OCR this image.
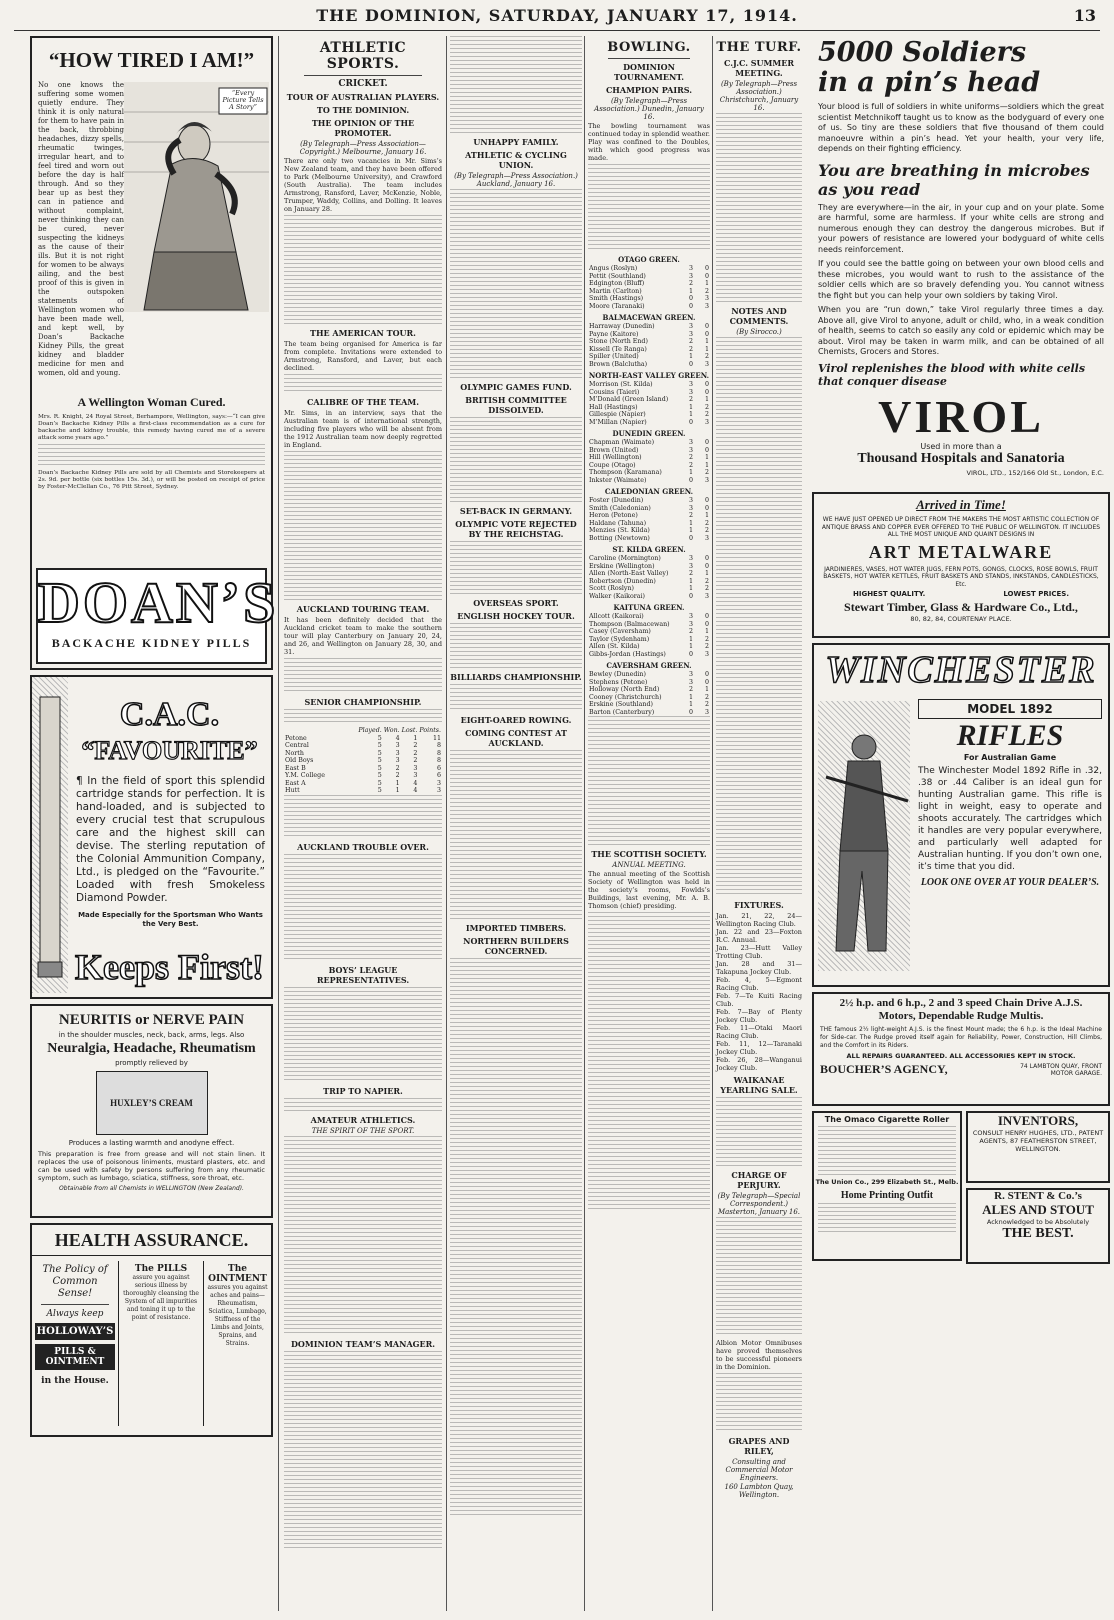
THE DOMINION, SATURDAY, JANUARY 17, 1914.	13
“HOW TIRED I AM!”
“Every Picture Tells A Story”
No one knows the suffering some women quietly endure. They think it is only natural for them to have pain in the back, throbbing headaches, dizzy spells, rheumatic twinges, irregular heart, and to feel tired and worn out before the day is half through. And so they bear up as best they can in patience and without complaint, never thinking they can be cured, never suspecting the kidneys as the cause of their ills. But it is not right for women to be always ailing, and the best proof of this is given in the outspoken statements of Wellington women who have been made well, and kept well, by Doan’s Backache Kidney Pills, the great kidney and bladder medicine for men and women, old and young.
A Wellington Woman Cured.
Mrs. R. Knight, 24 Royal Street, Berhampore, Wellington, says:—“I can give Doan’s Backache Kidney Pills a first-class recommendation as a cure for backache and kidney trouble, this remedy having cured me of a severe attack some years ago.”
Doan’s Backache Kidney Pills are sold by all Chemists and Storekeepers at 2s. 9d. per bottle (six bottles 15s. 3d.), or will be posted on receipt of price by Foster-McClellan Co., 76 Pitt Street, Sydney.
DOAN’S
BACKACHE KIDNEY PILLS
C.A.C.
“FAVOURITE”
¶ In the field of sport this splendid cartridge stands for perfection. It is hand-loaded, and is subjected to every crucial test that scrupulous care and the highest skill can devise. The sterling reputation of the Colonial Ammunition Company, Ltd., is pledged on the “Favourite.” Loaded with fresh Smokeless Diamond Powder.
Made Especially for the Sportsman Who Wants the Very Best.
Keeps First!
NEURITIS or NERVE PAIN
in the shoulder muscles, neck, back, arms, legs. Also
Neuralgia, Headache, Rheumatism
promptly relieved by
HUXLEY’S CREAM
Produces a lasting warmth and anodyne effect.
This preparation is free from grease and will not stain linen. It replaces the use of poisonous liniments, mustard plasters, etc. and can be used with safety by persons suffering from any rheumatic symptom, such as lumbago, sciatica, stiffness, sore throat, etc.
Obtainable from all Chemists in WELLINGTON (New Zealand).
HEALTH ASSURANCE.
The Policy of Common Sense!
Always keep
HOLLOWAY’S
PILLS & OINTMENT
in the House.
The PILLS
assure you against serious illness by thoroughly cleansing the System of all impurities and toning it up to the point of resistance.
The OINTMENT
assures you against aches and pains—Rheumatism, Sciatica, Lumbago, Stiffness of the Limbs and Joints, Sprains, and Strains.
ATHLETIC SPORTS.
CRICKET.
TOUR OF AUSTRALIAN PLAYERS.
TO THE DOMINION.
THE OPINION OF THE PROMOTER.
(By Telegraph—Press Association—Copyright.) Melbourne, January 16.
There are only two vacancies in Mr. Sims’s New Zealand team, and they have been offered to Park (Melbourne University), and Crawford (South Australia). The team includes Armstrong, Ransford, Laver, McKenzie, Noble, Trumper, Waddy, Collins, and Dolling. It leaves on January 28.
THE AMERICAN TOUR.
The team being organised for America is far from complete. Invitations were extended to Armstrong, Ransford, and Laver, but each declined.
CALIBRE OF THE TEAM.
Mr. Sims, in an interview, says that the Australian team is of international strength, including five players who will be absent from the 1912 Australian team now deeply regretted in England.
AUCKLAND TOURING TEAM.
It has been definitely decided that the Auckland cricket team to make the southern tour will play Canterbury on January 20, 24, and 26, and Wellington on January 28, 30, and 31.
SENIOR CHAMPIONSHIP.
	Played.	Won.	Lost.	Points.
Petone	5	4	1	11
Central	5	3	2	8
North	5	3	2	8
Old Boys	5	3	2	8
East B	5	2	3	6
Y.M. College	5	2	3	6
East A	5	1	4	3
Hutt	5	1	4	3
AUCKLAND TROUBLE OVER.
BOYS’ LEAGUE REPRESENTATIVES.
TRIP TO NAPIER.
AMATEUR ATHLETICS.
THE SPIRIT OF THE SPORT.
DOMINION TEAM’S MANAGER.
UNHAPPY FAMILY.
ATHLETIC & CYCLING UNION.
(By Telegraph—Press Association.) Auckland, January 16.
OLYMPIC GAMES FUND.
BRITISH COMMITTEE DISSOLVED.
SET-BACK IN GERMANY.
OLYMPIC VOTE REJECTED BY THE REICHSTAG.
OVERSEAS SPORT.
ENGLISH HOCKEY TOUR.
BILLIARDS CHAMPIONSHIP.
EIGHT-OARED ROWING.
COMING CONTEST AT AUCKLAND.
IMPORTED TIMBERS.
NORTHERN BUILDERS CONCERNED.
BOWLING.
DOMINION TOURNAMENT.
CHAMPION PAIRS.
(By Telegraph—Press Association.) Dunedin, January 16.
The bowling tournament was continued today in splendid weather. Play was confined to the Doubles, with which good progress was made.
OTAGO GREEN.
Angus (Roslyn)	3	0
Pettit (Southland)	3	0
Edgington (Bluff)	2	1
Martin (Carlton)	1	2
Smith (Hastings)	0	3
Moore (Taranaki)	0	3
BALMACEWAN GREEN.
Harraway (Dunedin)	3	0
Payne (Kaitore)	3	0
Stone (North End)	2	1
Kissell (Te Ranga)	2	1
Spiller (United)	1	2
Brown (Balclutha)	0	3
NORTH-EAST VALLEY GREEN.
Morrison (St. Kilda)	3	0
Cousins (Taieri)	3	0
M’Donald (Green Island)	2	1
Hall (Hastings)	1	2
Gillespie (Napier)	1	2
M’Millan (Napier)	0	3
DUNEDIN GREEN.
Chapman (Waimate)	3	0
Brown (United)	3	0
Hill (Wellington)	2	1
Coupe (Otago)	2	1
Thompson (Karamana)	1	2
Inkster (Waimate)	0	3
CALEDONIAN GREEN.
Foster (Dunedin)	3	0
Smith (Caledonian)	3	0
Heron (Petone)	2	1
Haldane (Tahuna)	1	2
Menzies (St. Kilda)	1	2
Botting (Newtown)	0	3
ST. KILDA GREEN.
Caroline (Mornington)	3	0
Erskine (Wellington)	3	0
Allen (North-East Valley)	2	1
Robertson (Dunedin)	1	2
Scott (Roslyn)	1	2
Walker (Kaikorai)	0	3
KAITUNA GREEN.
Allcott (Kaikorai)	3	0
Thompson (Balmacewan)	3	0
Casey (Caversham)	2	1
Taylor (Sydenham)	1	2
Allen (St. Kilda)	1	2
Gibbs-Jordan (Hastings)	0	3
CAVERSHAM GREEN.
Bewley (Dunedin)	3	0
Stephens (Petone)	3	0
Holloway (North End)	2	1
Cooney (Christchurch)	1	2
Erskine (Southland)	1	2
Barton (Canterbury)	0	3
THE SCOTTISH SOCIETY.
ANNUAL MEETING.
The annual meeting of the Scottish Society of Wellington was held in the society’s rooms, Fowlds’s Buildings, last evening, Mr. A. B. Thomson (chief) presiding.
5000 Soldiers
in a pin’s head
Your blood is full of soldiers in white uniforms—soldiers which the great scientist Metchnikoff taught us to know as the bodyguard of every one of us. So tiny are these soldiers that five thousand of them could manoeuvre within a pin’s head. Yet your health, your very life, depends on their fighting efficiency.
You are breathing in microbes as you read
They are everywhere—in the air, in your cup and on your plate. Some are harmful, some are harmless. If your white cells are strong and numerous enough they can destroy the dangerous microbes. But if your powers of resistance are lowered your bodyguard of white cells needs reinforcement.
If you could see the battle going on between your own blood cells and these microbes, you would want to rush to the assistance of the soldier cells which are so bravely defending you. You cannot witness the fight but you can help your own soldiers by taking Virol.
When you are “run down,” take Virol regularly three times a day. Above all, give Virol to anyone, adult or child, who, in a weak condition of health, seems to catch so easily any cold or epidemic which may be about. Virol may be taken in warm milk, and can be obtained of all Chemists, Grocers and Stores.
Virol replenishes the blood with white cells that conquer disease
VIROL
Used in more than a
Thousand Hospitals and Sanatoria
VIROL, LTD., 152/166 Old St., London, E.C.
Arrived in Time!
WE HAVE JUST OPENED UP DIRECT FROM THE MAKERS THE MOST ARTISTIC COLLECTION OF ANTIQUE BRASS AND COPPER EVER OFFERED TO THE PUBLIC OF WELLINGTON. IT INCLUDES ALL THE MOST UNIQUE AND QUAINT DESIGNS IN
ART METALWARE
JARDINIERES, VASES, HOT WATER JUGS, FERN POTS, GONGS, CLOCKS, ROSE BOWLS, FRUIT BASKETS, HOT WATER KETTLES, FRUIT BASKETS AND STANDS, INKSTANDS, CANDLESTICKS, Etc.
HIGHEST QUALITY.	LOWEST PRICES.
Stewart Timber, Glass & Hardware Co., Ltd.,
80, 82, 84, COURTENAY PLACE.
WINCHESTER
MODEL 1892
RIFLES
For Australian Game
The Winchester Model 1892 Rifle in .32, .38 or .44 Caliber is an ideal gun for hunting Australian game. This rifle is light in weight, easy to operate and shoots accurately. The cartridges which it handles are very popular everywhere, and particularly well adapted for Australian hunting. If you don’t own one, it’s time that you did.
LOOK ONE OVER AT YOUR DEALER’S.
2½ h.p. and 6 h.p., 2 and 3 speed Chain Drive A.J.S. Motors, Dependable Rudge Multis.
THE famous 2½ light-weight A.J.S. is the finest Mount made; the 6 h.p. is the Ideal Machine for Side-car. The Rudge proved itself again for Reliability, Power, Construction, Hill Climbs, and the Comfort in its Riders.
ALL REPAIRS GUARANTEED. ALL ACCESSORIES KEPT IN STOCK.
BOUCHER’S AGENCY,	74 LAMBTON QUAY, FRONT MOTOR GARAGE.
The Omaco Cigarette Roller
The Union Co., 299 Elizabeth St., Melb.
Home Printing Outfit
INVENTORS,
CONSULT HENRY HUGHES, LTD., PATENT AGENTS, 87 FEATHERSTON STREET, WELLINGTON.
R. STENT & Co.’s
ALES AND STOUT
Acknowledged to be Absolutely
THE BEST.
THE TURF.
C.J.C. SUMMER MEETING.
(By Telegraph—Press Association.) Christchurch, January 16.
NOTES AND COMMENTS.
(By Sirocco.)
FIXTURES.
Jan. 21, 22, 24—Wellington Racing Club.
Jan. 22 and 23—Foxton R.C. Annual.
Jan. 23—Hutt Valley Trotting Club.
Jan. 28 and 31—Takapuna Jockey Club.
Feb. 4, 5—Egmont Racing Club.
Feb. 7—Te Kuiti Racing Club.
Feb. 7—Bay of Plenty Jockey Club.
Feb. 11—Otaki Maori Racing Club.
Feb. 11, 12—Taranaki Jockey Club.
Feb. 26, 28—Wanganui Jockey Club.
WAIKANAE YEARLING SALE.
CHARGE OF PERJURY.
(By Telegraph—Special Correspondent.) Masterton, January 16.
Albion Motor Omnibuses have proved themselves to be successful pioneers in the Dominion.
GRAPES AND RILEY,
Consulting and Commercial Motor Engineers.
160 Lambton Quay, Wellington.
